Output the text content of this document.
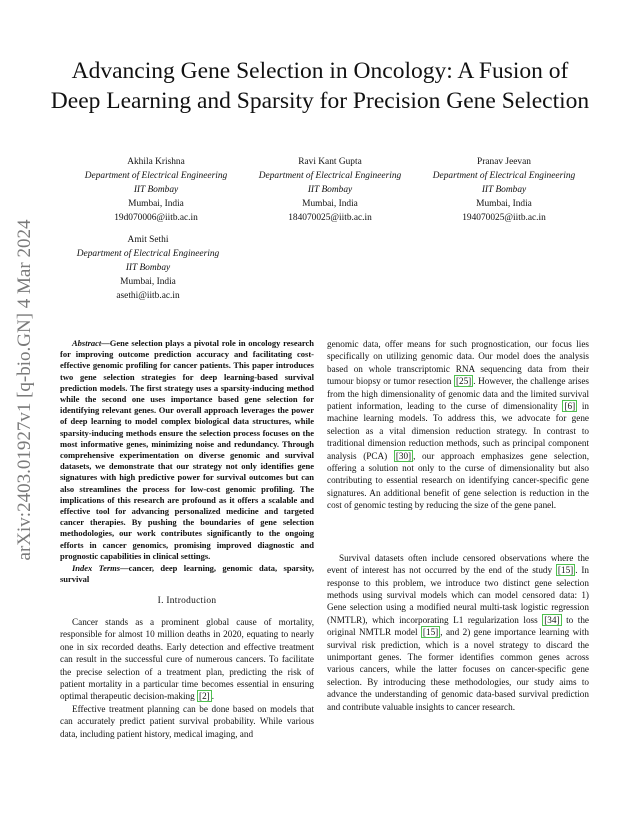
arXiv:2403.01927v1 [q-bio.GN] 4 Mar 2024
Advancing Gene Selection in Oncology: A Fusion of Deep Learning and Sparsity for Precision Gene Selection
Akhila Krishna
Department of Electrical Engineering
IIT Bombay
Mumbai, India
19d070006@iitb.ac.in
Ravi Kant Gupta
Department of Electrical Engineering
IIT Bombay
Mumbai, India
184070025@iitb.ac.in
Pranav Jeevan
Department of Electrical Engineering
IIT Bombay
Mumbai, India
194070025@iitb.ac.in
Amit Sethi
Department of Electrical Engineering
IIT Bombay
Mumbai, India
asethi@iitb.ac.in

Abstract—Gene selection plays a pivotal role in oncology research for improving outcome prediction accuracy and facilitating cost-effective genomic profiling for cancer patients. This paper introduces two gene selection strategies for deep learning-based survival prediction models. The first strategy uses a sparsity-inducing method while the second one uses importance based gene selection for identifying relevant genes. Our overall approach leverages the power of deep learning to model complex biological data structures, while sparsity-inducing methods ensure the selection process focuses on the most informative genes, minimizing noise and redundancy. Through comprehensive experimentation on diverse genomic and survival datasets, we demonstrate that our strategy not only identifies gene signatures with high predictive power for survival outcomes but can also streamlines the process for low-cost genomic profiling. The implications of this research are profound as it offers a scalable and effective tool for advancing personalized medicine and targeted cancer therapies. By pushing the boundaries of gene selection methodologies, our work contributes significantly to the ongoing efforts in cancer genomics, promising improved diagnostic and prognostic capabilities in clinical settings.

Index Terms—cancer, deep learning, genomic data, sparsity, survival

I. Introduction

Cancer stands as a prominent global cause of mortality, responsible for almost 10 million deaths in 2020, equating to nearly one in six recorded deaths. Early detection and effective treatment can result in the successful cure of numerous cancers. To facilitate the precise selection of a treatment plan, predicting the risk of patient mortality in a particular time becomes essential in ensuring optimal therapeutic decision-making [2] .

Effective treatment planning can be done based on models that can accurately predict patient survival probability. While various data, including patient history, medical imaging, and

genomic data, offer means for such prognostication, our focus lies specifically on utilizing genomic data. Our model does the analysis based on whole transcriptomic RNA sequencing data from their tumour biopsy or tumor resection [25] . However, the challenge arises from the high dimensionality of genomic data and the limited survival patient information, leading to the curse of dimensionality [6] in machine learning models. To address this, we advocate for gene selection as a vital dimension reduction strategy. In contrast to traditional dimension reduction methods, such as principal component analysis (PCA) [30] , our approach emphasizes gene selection, offering a solution not only to the curse of dimensionality but also contributing to essential research on identifying cancer-specific gene signatures. An additional benefit of gene selection is reduction in the cost of genomic testing by reducing the size of the gene panel.

Survival datasets often include censored observations where the event of interest has not occurred by the end of the study [15] . In response to this problem, we introduce two distinct gene selection methods using survival models which can model censored data: 1) Gene selection using a modified neural multi-task logistic regression (NMTLR), which incorporating L1 regularization loss [34] to the original NMTLR model [15] , and 2) gene importance learning with survival risk prediction, which is a novel strategy to discard the unimportant genes. The former identifies common genes across various cancers, while the latter focuses on cancer-specific gene selection. By introducing these methodologies, our study aims to advance the understanding of genomic data-based survival prediction and contribute valuable insights to cancer research.
